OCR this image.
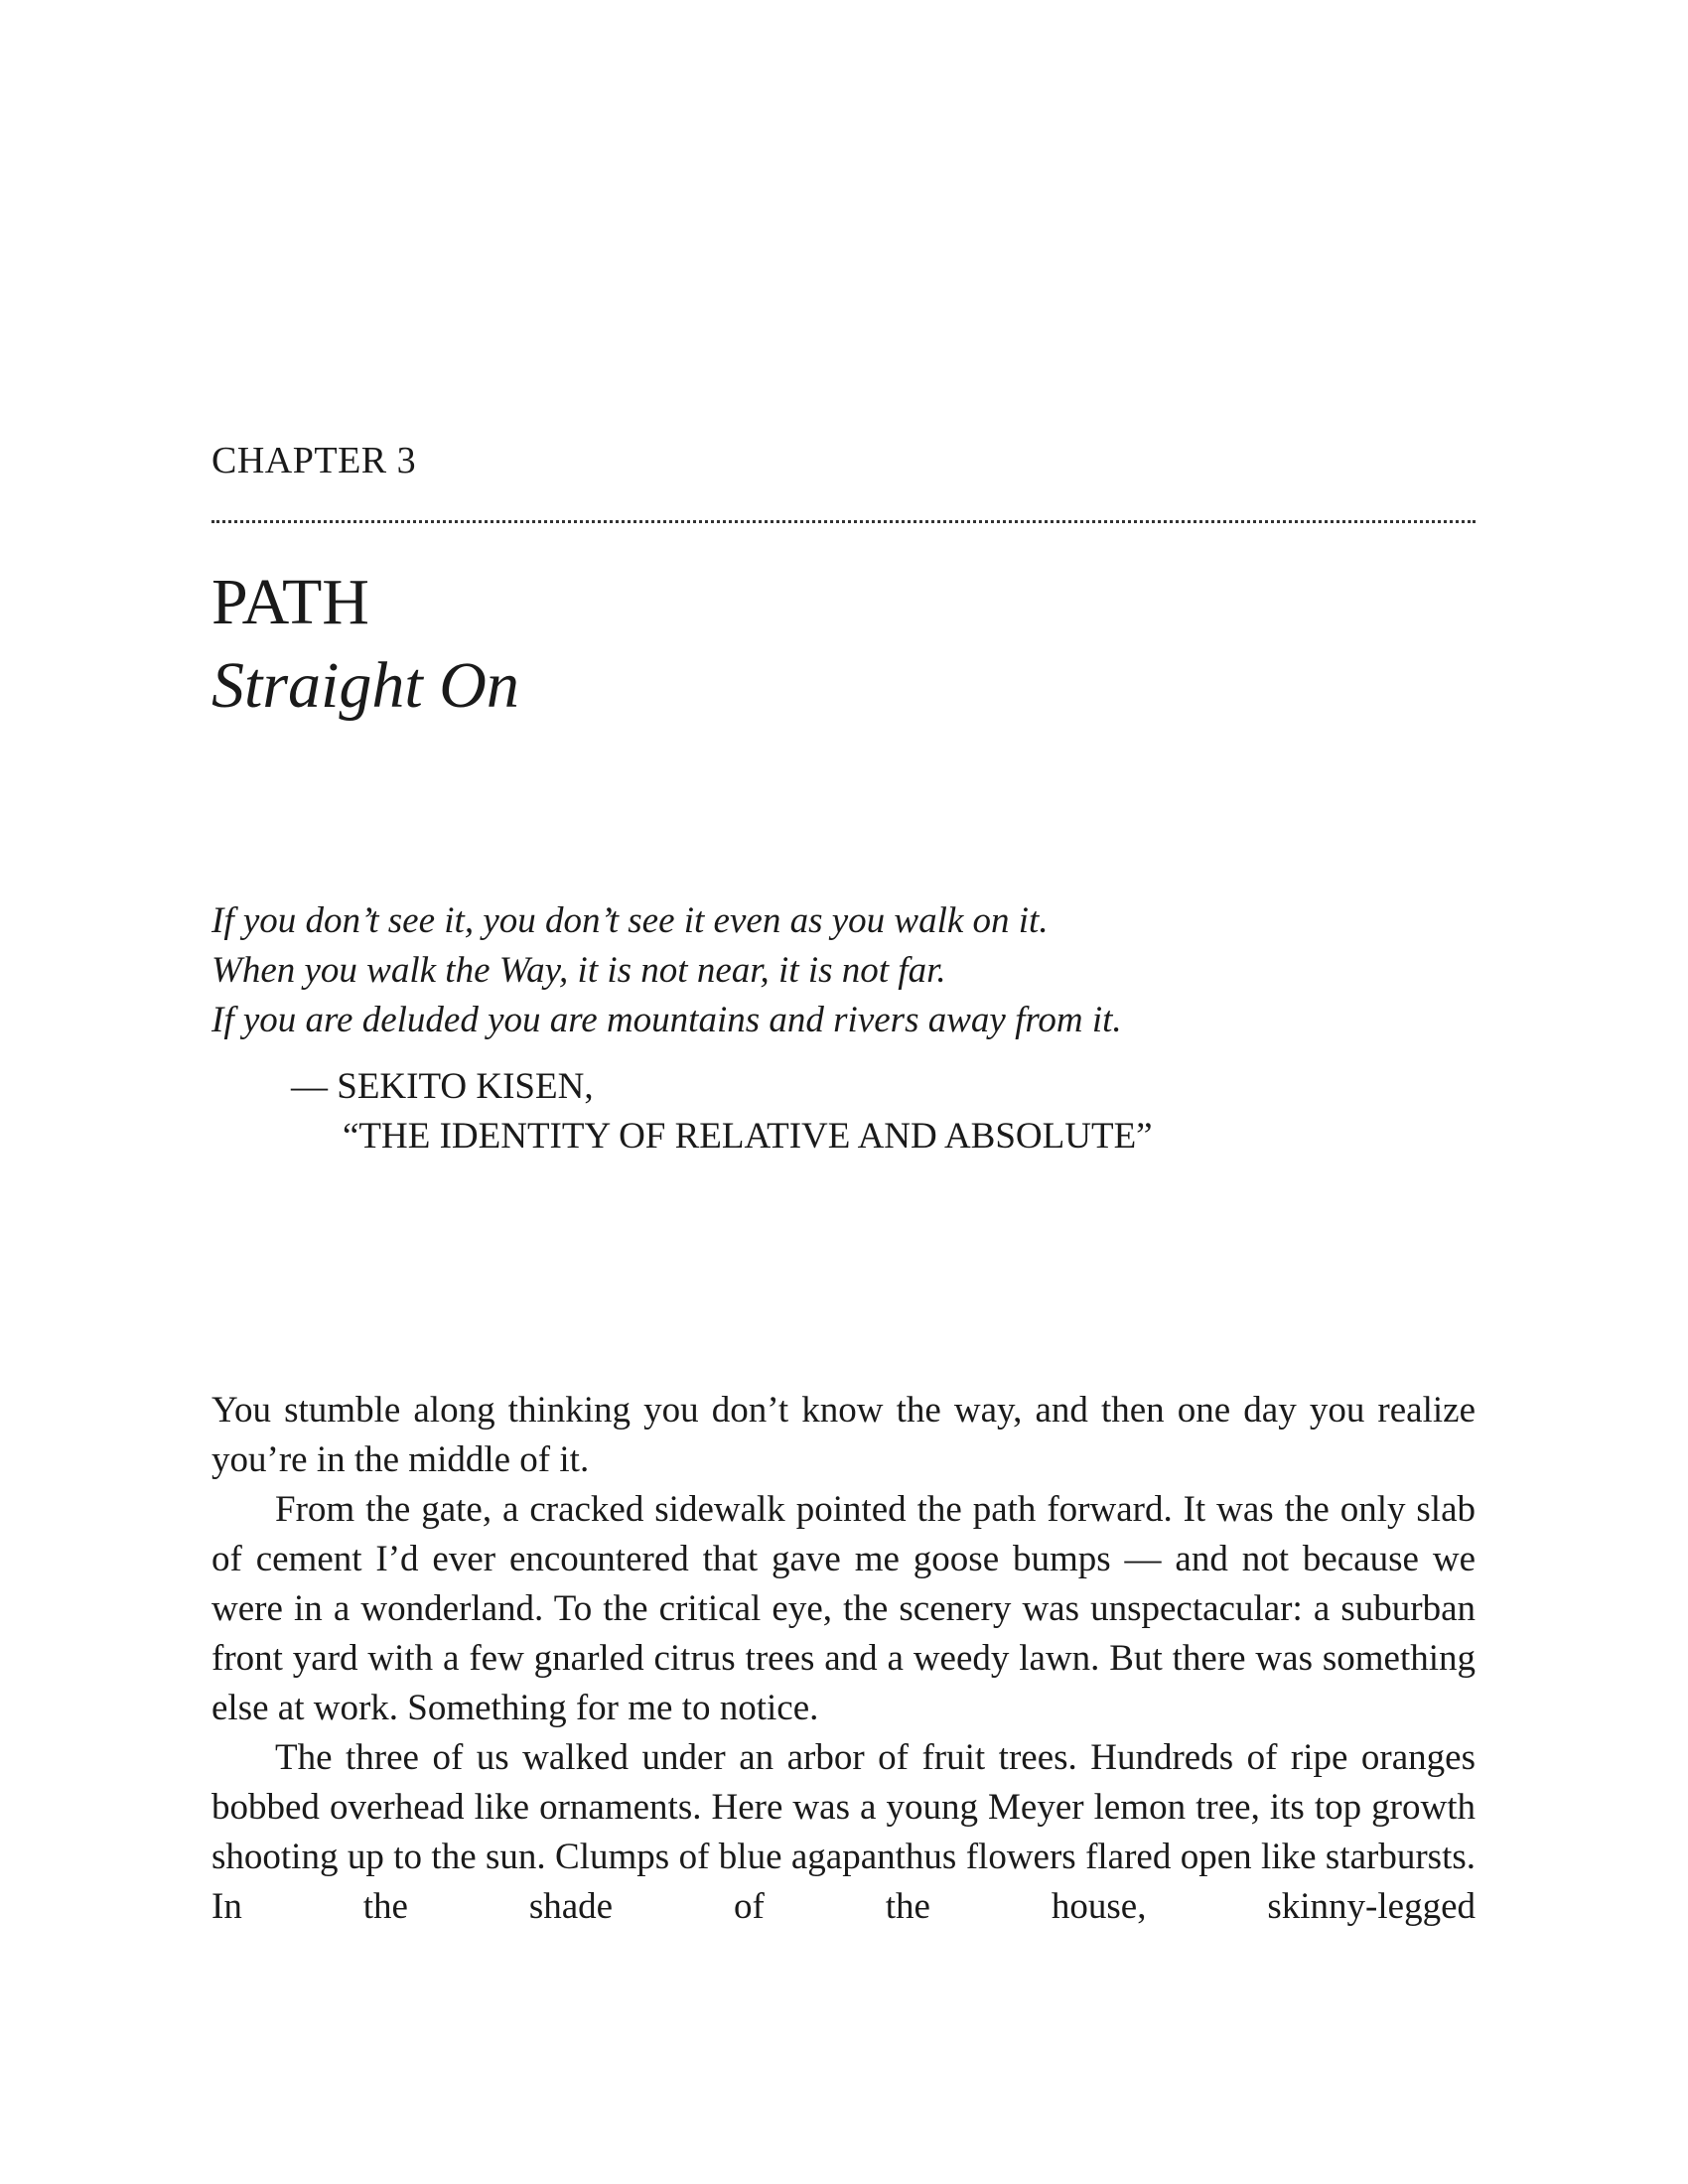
CHAPTER 3
PATH
Straight On
If you don’t see it, you don’t see it even as you walk on it.
When you walk the Way, it is not near, it is not far.
If you are deluded you are mountains and rivers away from it.
— SEKITO KISEN,
“THE IDENTITY OF RELATIVE AND ABSOLUTE”

You stumble along thinking you don’t know the way, and then one day you realize you’re in the middle of it.

From the gate, a cracked sidewalk pointed the path forward. It was the only slab of cement I’d ever encountered that gave me goose bumps — and not because we were in a wonderland. To the critical eye, the scenery was unspectacular: a suburban front yard with a few gnarled citrus trees and a weedy lawn. But there was something else at work. Something for me to notice.

The three of us walked under an arbor of fruit trees. Hundreds of ripe oranges bobbed overhead like ornaments. Here was a young Meyer lemon tree, its top growth shooting up to the sun. Clumps of blue agapanthus flowers flared open like starbursts. In the shade of the house, skinny-legged
